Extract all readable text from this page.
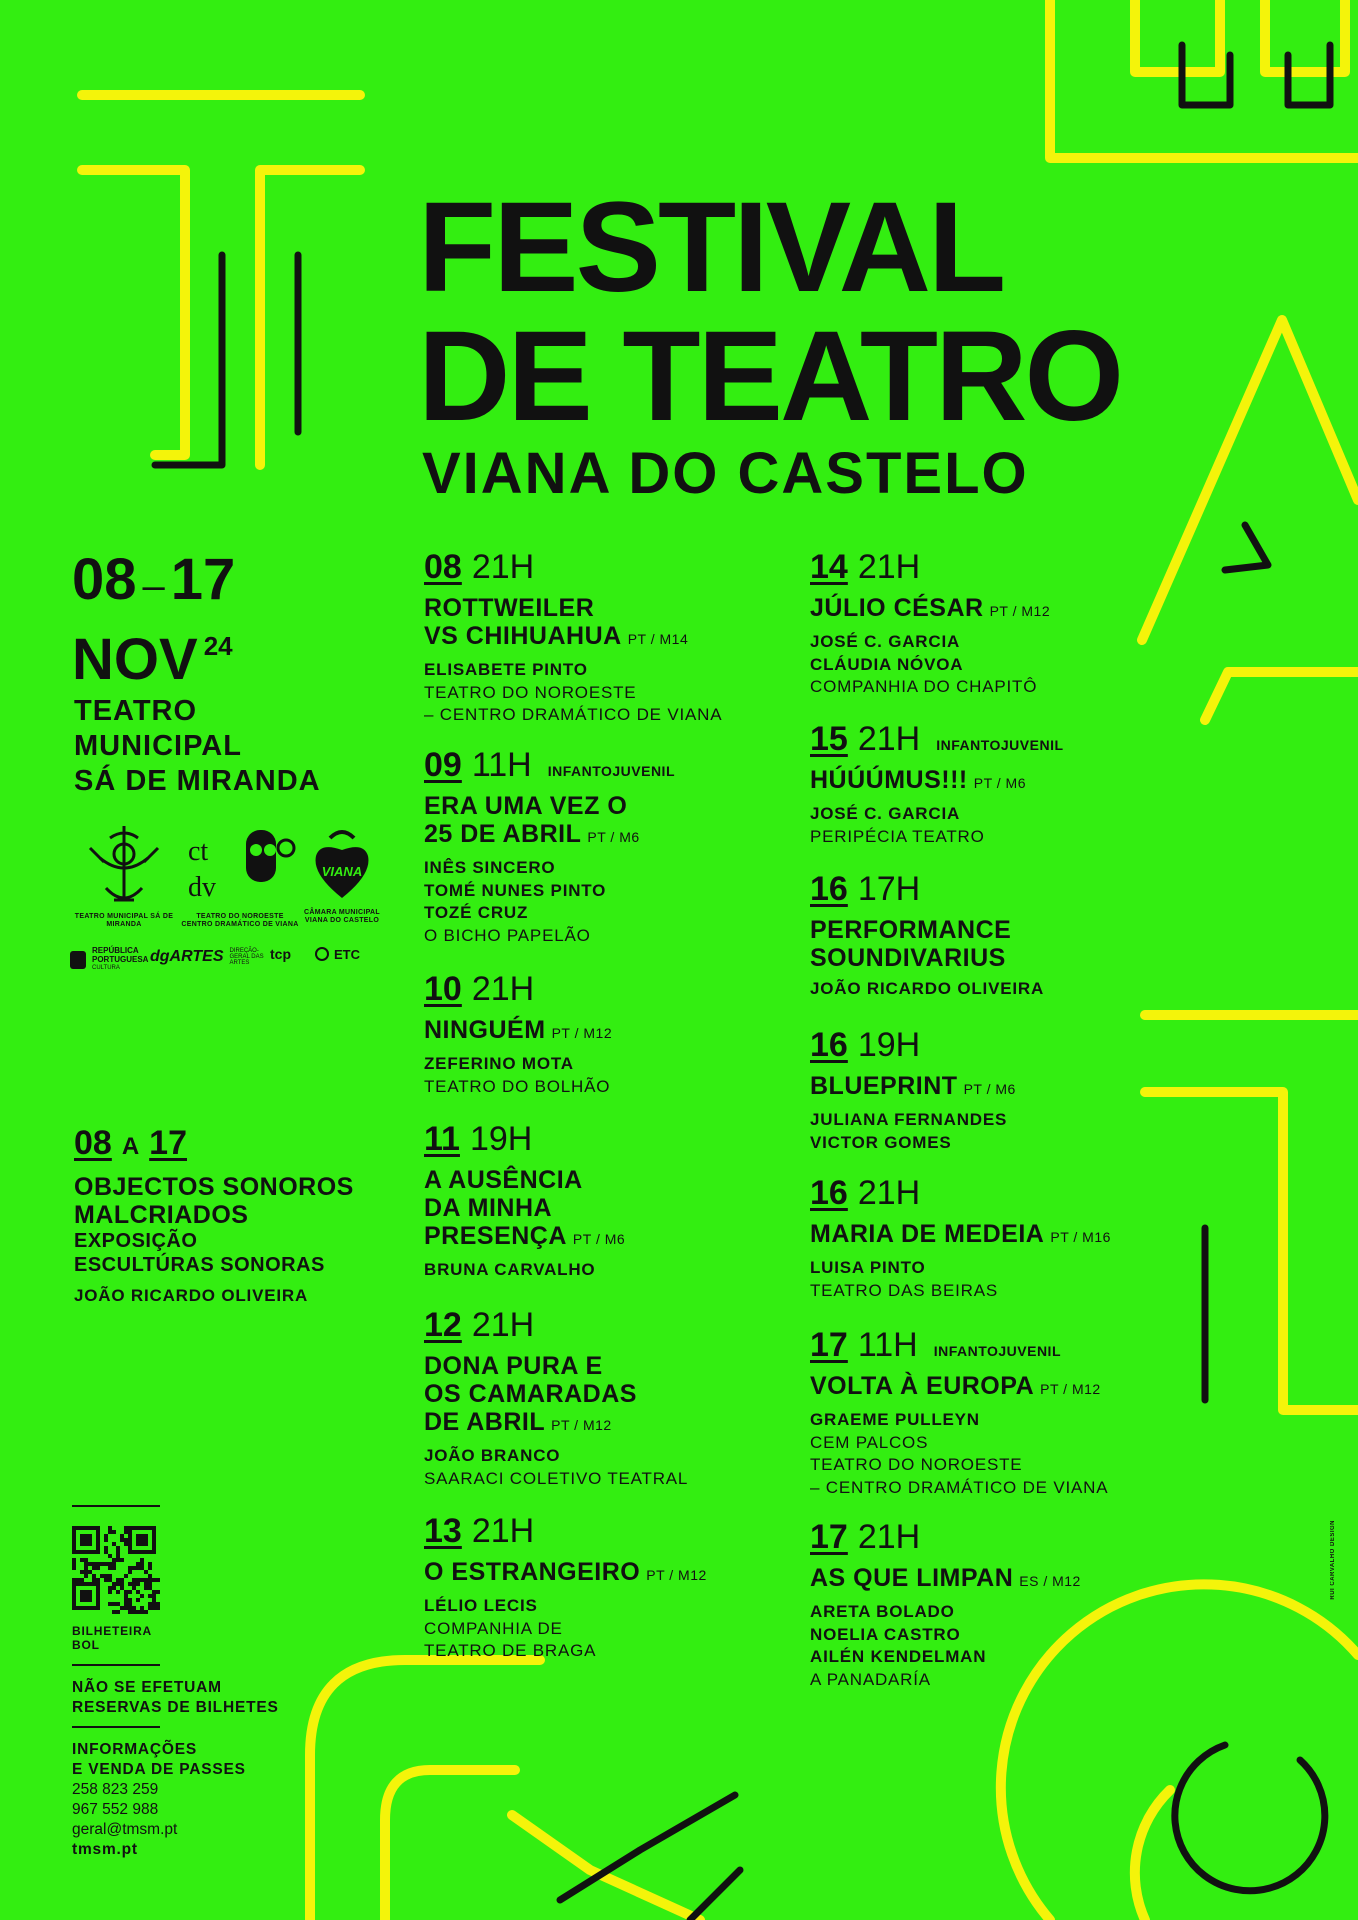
FESTIVAL
DE TEATRO
VIANA DO CASTELO
08 – 17
NOV $^{24}$
TEATRO
MUNICIPAL
SÁ DE MIRANDA
TEATRO MUNICIPAL SÁ DE MIRANDA
ct
dv
TEATRO DO NOROESTE CENTRO DRAMÁTICO DE VIANA
VIANA
CÂMARA MUNICIPAL VIANA DO CASTELO
REPÚBLICA PORTUGUESA
CULTURA
dgARTES DIREÇÃO-GERAL DAS ARTES
tcp	ETC
08 A 17
OBJECTOS SONOROS
MALCRIADOS
EXPOSIÇÃO
ESCULTÚRAS SONORAS
JOÃO RICARDO OLIVEIRA
08 21H
ROTTWEILER
VS CHIHUAHUA PT / M14
ELISABETE PINTO
TEATRO DO NOROESTE
– CENTRO DRAMÁTICO DE VIANA
09 11H INFANTOJUVENIL
ERA UMA VEZ O
25 DE ABRIL PT / M6
INÊS SINCERO
TOMÉ NUNES PINTO
TOZÉ CRUZ
O BICHO PAPELÃO
10 21H
NINGUÉM PT / M12
ZEFERINO MOTA
TEATRO DO BOLHÃO
11 19H
A AUSÊNCIA
DA MINHA
PRESENÇA PT / M6
BRUNA CARVALHO
12 21H
DONA PURA E
OS CAMARADAS
DE ABRIL PT / M12
JOÃO BRANCO
SAARACI COLETIVO TEATRAL
13 21H
O ESTRANGEIRO PT / M12
LÉLIO LECIS
COMPANHIA DE
TEATRO DE BRAGA
14 21H
JÚLIO CÉSAR PT / M12
JOSÉ C. GARCIA
CLÁUDIA NÓVOA
COMPANHIA DO CHAPITÔ
15 21H INFANTOJUVENIL
HÚÚÚMUS!!! PT / M6
JOSÉ C. GARCIA
PERIPÉCIA TEATRO
16 17H
PERFORMANCE
SOUNDIVARIUS
JOÃO RICARDO OLIVEIRA
16 19H
BLUEPRINT PT / M6
JULIANA FERNANDES
VICTOR GOMES
16 21H
MARIA DE MEDEIA PT / M16
LUISA PINTO
TEATRO DAS BEIRAS
17 11H INFANTOJUVENIL
VOLTA À EUROPA PT / M12
GRAEME PULLEYN
CEM PALCOS
TEATRO DO NOROESTE
– CENTRO DRAMÁTICO DE VIANA
17 21H
AS QUE LIMPAN ES / M12
ARETA BOLADO
NOELIA CASTRO
AILÉN KENDELMAN
A PANADARÍA
BILHETEIRA
BOL
NÃO SE EFETUAM
RESERVAS DE BILHETES
INFORMAÇÕES
E VENDA DE PASSES
258 823 259
967 552 988
geral@tmsm.pt
tmsm.pt
RUI CARVALHO DESIGN
